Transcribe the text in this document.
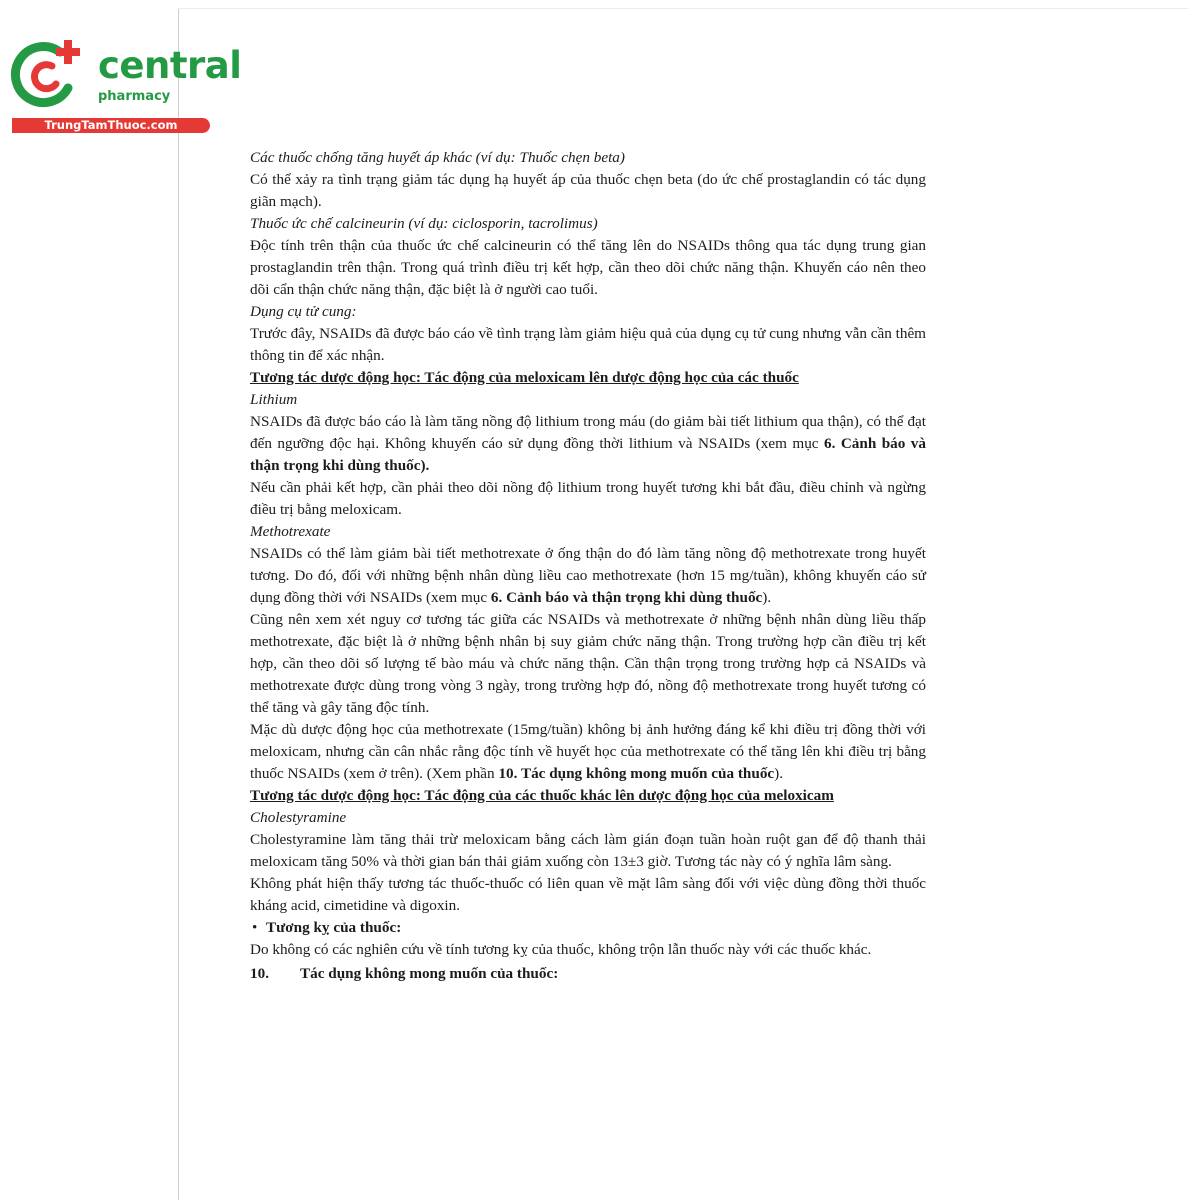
central
pharmacy
TrungTamThuoc.com

Các thuốc chống tăng huyết áp khác (ví dụ: Thuốc chẹn beta)

Có thể xảy ra tình trạng giảm tác dụng hạ huyết áp của thuốc chẹn beta (do ức chế prostaglandin có tác dụng giãn mạch).

Thuốc ức chế calcineurin (ví dụ: ciclosporin, tacrolimus)

Độc tính trên thận của thuốc ức chế calcineurin có thể tăng lên do NSAIDs thông qua tác dụng trung gian prostaglandin trên thận. Trong quá trình điều trị kết hợp, cần theo dõi chức năng thận. Khuyến cáo nên theo dõi cẩn thận chức năng thận, đặc biệt là ở người cao tuổi.

Dụng cụ tử cung:

Trước đây, NSAIDs đã được báo cáo về tình trạng làm giảm hiệu quả của dụng cụ tử cung nhưng vẫn cần thêm thông tin để xác nhận.

Tương tác dược động học: Tác động của meloxicam lên dược động học của các thuốc

Lithium

NSAIDs đã được báo cáo là làm tăng nồng độ lithium trong máu (do giảm bài tiết lithium qua thận), có thể đạt đến ngưỡng độc hại. Không khuyến cáo sử dụng đồng thời lithium và NSAIDs (xem mục 6. Cảnh báo và thận trọng khi dùng thuốc).

Nếu cần phải kết hợp, cần phải theo dõi nồng độ lithium trong huyết tương khi bắt đầu, điều chỉnh và ngừng điều trị bằng meloxicam.

Methotrexate

NSAIDs có thể làm giảm bài tiết methotrexate ở ống thận do đó làm tăng nồng độ methotrexate trong huyết tương. Do đó, đối với những bệnh nhân dùng liều cao methotrexate (hơn 15 mg/tuần), không khuyến cáo sử dụng đồng thời với NSAIDs (xem mục 6. Cảnh báo và thận trọng khi dùng thuốc).

Cũng nên xem xét nguy cơ tương tác giữa các NSAIDs và methotrexate ở những bệnh nhân dùng liều thấp methotrexate, đặc biệt là ở những bệnh nhân bị suy giảm chức năng thận. Trong trường hợp cần điều trị kết hợp, cần theo dõi số lượng tế bào máu và chức năng thận. Cần thận trọng trong trường hợp cả NSAIDs và methotrexate được dùng trong vòng 3 ngày, trong trường hợp đó, nồng độ methotrexate trong huyết tương có thể tăng và gây tăng độc tính.

Mặc dù dược động học của methotrexate (15mg/tuần) không bị ảnh hưởng đáng kể khi điều trị đồng thời với meloxicam, nhưng cần cân nhắc rằng độc tính về huyết học của methotrexate có thể tăng lên khi điều trị bằng thuốc NSAIDs (xem ở trên). (Xem phần 10. Tác dụng không mong muốn của thuốc).

Tương tác dược động học: Tác động của các thuốc khác lên dược động học của meloxicam

Cholestyramine

Cholestyramine làm tăng thải trừ meloxicam bằng cách làm gián đoạn tuần hoàn ruột gan để độ thanh thải meloxicam tăng 50% và thời gian bán thải giảm xuống còn 13±3 giờ. Tương tác này có ý nghĩa lâm sàng.

Không phát hiện thấy tương tác thuốc-thuốc có liên quan về mặt lâm sàng đối với việc dùng đồng thời thuốc kháng acid, cimetidine và digoxin.

• Tương kỵ của thuốc:

Do không có các nghiên cứu về tính tương kỵ của thuốc, không trộn lẫn thuốc này với các thuốc khác.

10. Tác dụng không mong muốn của thuốc:
